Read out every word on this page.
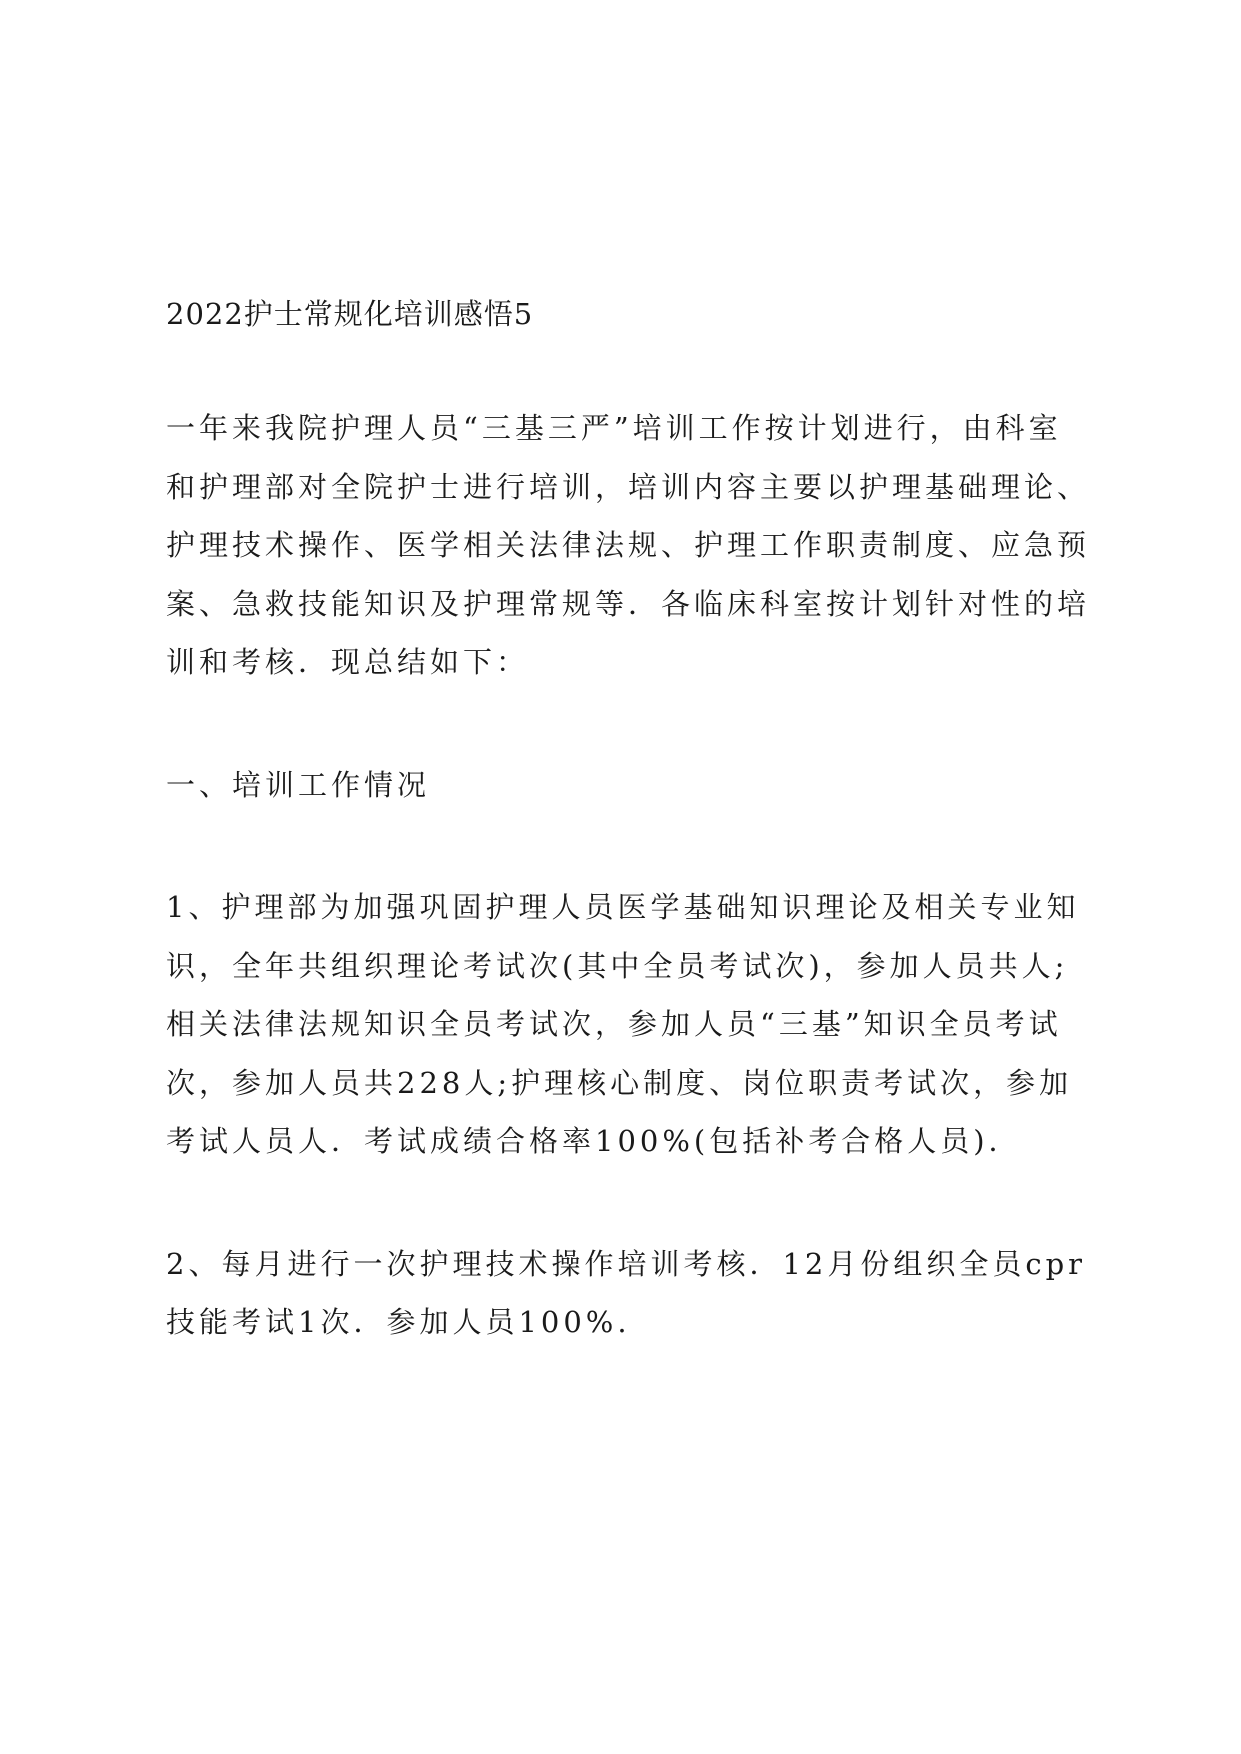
2022护士常规化培训感悟5

一年来我院护理人员“三基三严”培训工作按计划进行，由科室
和护理部对全院护士进行培训，培训内容主要以护理基础理论、
护理技术操作、医学相关法律法规、护理工作职责制度、应急预
案、急救技能知识及护理常规等．各临床科室按计划针对性的培
训和考核．现总结如下：

一、培训工作情况

1、护理部为加强巩固护理人员医学基础知识理论及相关专业知
识，全年共组织理论考试次(其中全员考试次)，参加人员共人;
相关法律法规知识全员考试次，参加人员“三基”知识全员考试
次，参加人员共228人;护理核心制度、岗位职责考试次，参加
考试人员人．考试成绩合格率100%(包括补考合格人员)．

2、每月进行一次护理技术操作培训考核．12月份组织全员cpr
技能考试1次．参加人员100%.
